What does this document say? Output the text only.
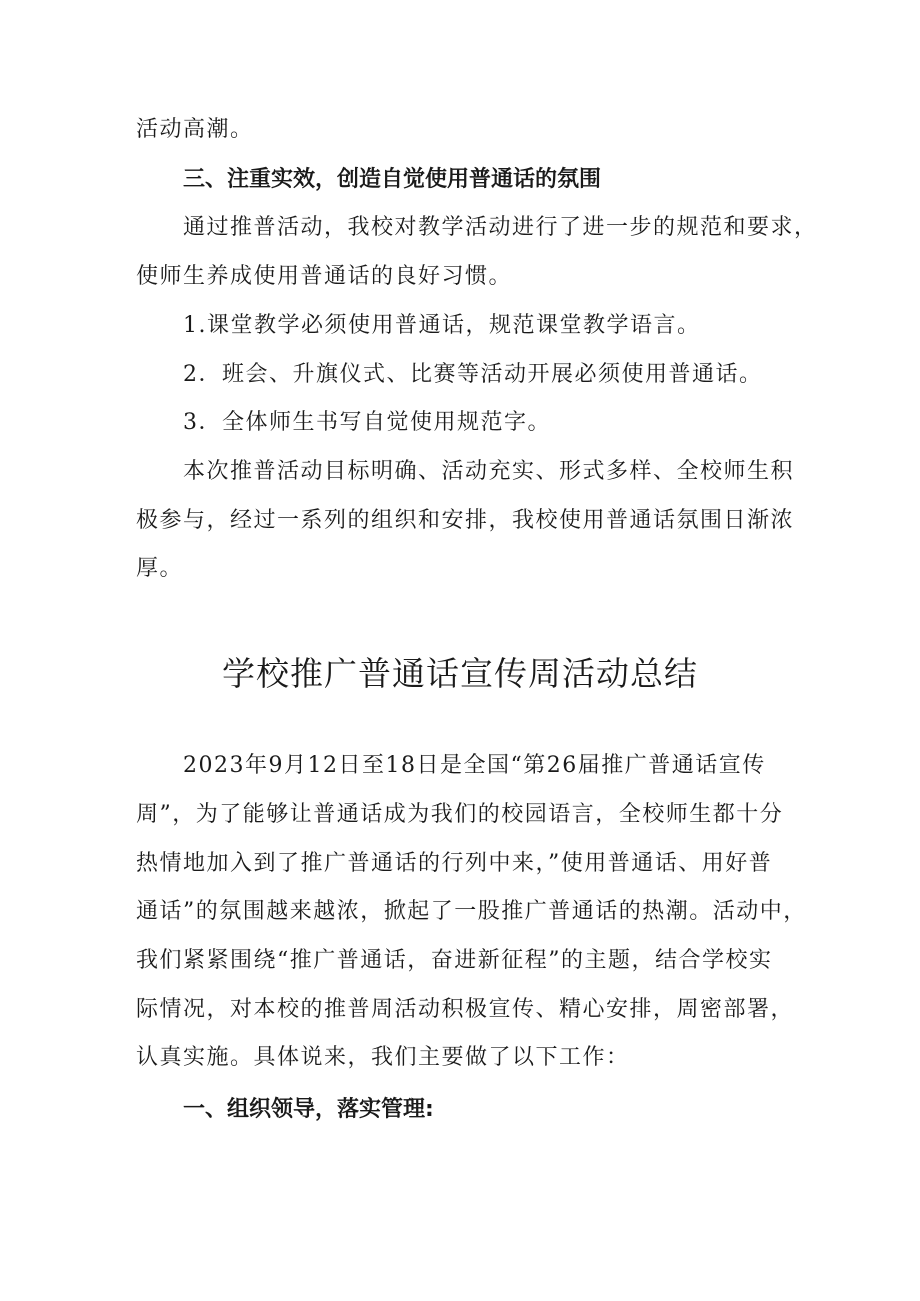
活动高潮。
三、注重实效，创造自觉使用普通话的氛围
通过推普活动，我校对教学活动进行了进一步的规范和要求，
使师生养成使用普通话的良好习惯。
1.课堂教学必须使用普通话，规范课堂教学语言。
2．班会、升旗仪式、比赛等活动开展必须使用普通话。
3．全体师生书写自觉使用规范字。
本次推普活动目标明确、活动充实、形式多样、全校师生积
极参与，经过一系列的组织和安排，我校使用普通话氛围日渐浓
厚。
学校推广普通话宣传周活动总结
2023年9月12日至18日是全国“第26届推广普通话宣传
周”，为了能够让普通话成为我们的校园语言，全校师生都十分
热情地加入到了推广普通话的行列中来，”使用普通话、用好普
通话”的氛围越来越浓，掀起了一股推广普通话的热潮。活动中，
我们紧紧围绕“推广普通话，奋进新征程”的主题，结合学校实
际情况，对本校的推普周活动积极宣传、精心安排，周密部署，
认真实施。具体说来，我们主要做了以下工作：
一、组织领导，落实管理:
